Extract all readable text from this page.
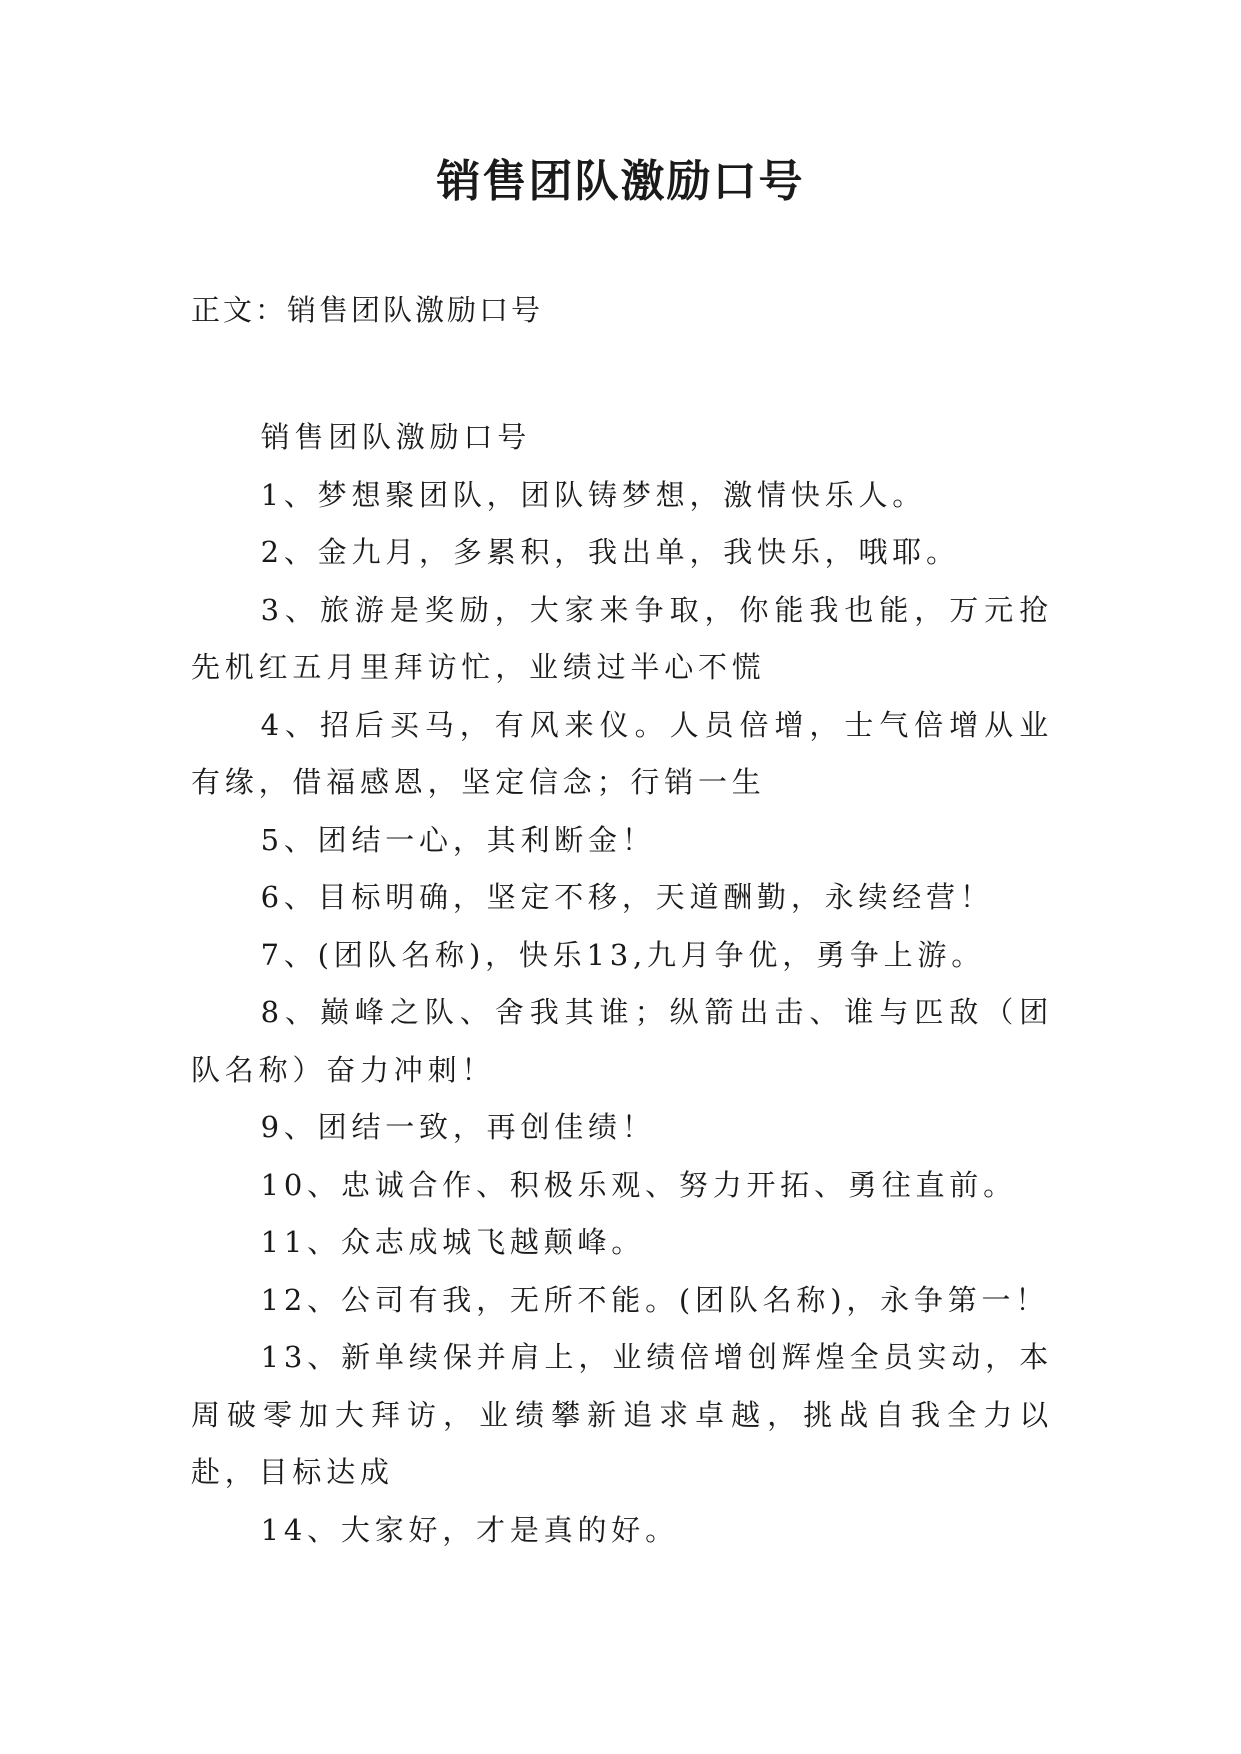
销售团队激励口号

正文：销售团队激励口号

销售团队激励口号

1、梦想聚团队，团队铸梦想，激情快乐人。

2、金九月，多累积，我出单，我快乐，哦耶。

3、旅游是奖励，大家来争取，你能我也能，万元抢先机红五月里拜访忙，业绩过半心不慌

4、招后买马，有风来仪。人员倍增，士气倍增从业有缘，借福感恩，坚定信念；行销一生

5、团结一心，其利断金！

6、目标明确，坚定不移，天道酬勤，永续经营！

7、(团队名称)，快乐13,九月争优，勇争上游。

8、巅峰之队、舍我其谁；纵箭出击、谁与匹敌（团队名称）奋力冲刺！

9、团结一致，再创佳绩！

10、忠诚合作、积极乐观、努力开拓、勇往直前。

11、众志成城飞越颠峰。

12、公司有我，无所不能。(团队名称)，永争第一！

13、新单续保并肩上，业绩倍增创辉煌全员实动，本周破零加大拜访，业绩攀新追求卓越，挑战自我全力以赴，目标达成

14、大家好，才是真的好。
